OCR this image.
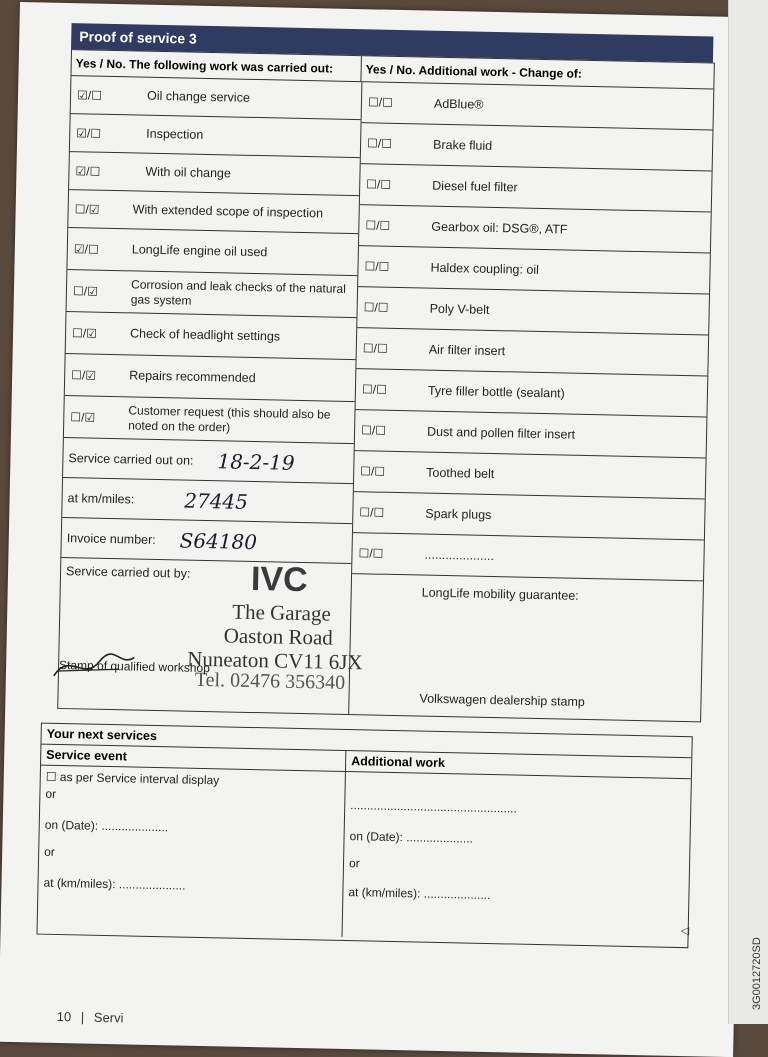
Proof of service 3
Yes / No. The following work was carried out:	Yes / No. Additional work - Change of:
☑/☐	Oil change service
☑/☐	Inspection
☑/☐	With oil change
☐/☑	With extended scope of inspection
☑/☐	LongLife engine oil used
☐/☑	Corrosion and leak checks of the natural gas system
☐/☑	Check of headlight settings
☐/☑	Repairs recommended
☐/☑	Customer request (this should also be noted on the order)
Service carried out on: 18-2-19
at km/miles: 27445
Invoice number: S64180
Service carried out by: IVC
The Garage
Oaston Road
Nuneaton CV11 6JX
Tel. 02476 356340
Stamp of qualified workshop
☐/☐	AdBlue®
☐/☐	Brake fluid
☐/☐	Diesel fuel filter
☐/☐	Gearbox oil: DSG®, ATF
☐/☐	Haldex coupling: oil
☐/☐	Poly V-belt
☐/☐	Air filter insert
☐/☐	Tyre filler bottle (sealant)
☐/☐	Dust and pollen filter insert
☐/☐	Toothed belt
☐/☐	Spark plugs
☐/☐	....................
LongLife mobility guarantee:
Volkswagen dealership stamp
Your next services
Service event	Additional work
☐ as per Service interval display
or
on (Date): ....................
or
at (km/miles): ....................
..................................................
on (Date): ....................
or
at (km/miles): ....................
◁
10 | Servi
3G0012720SD
